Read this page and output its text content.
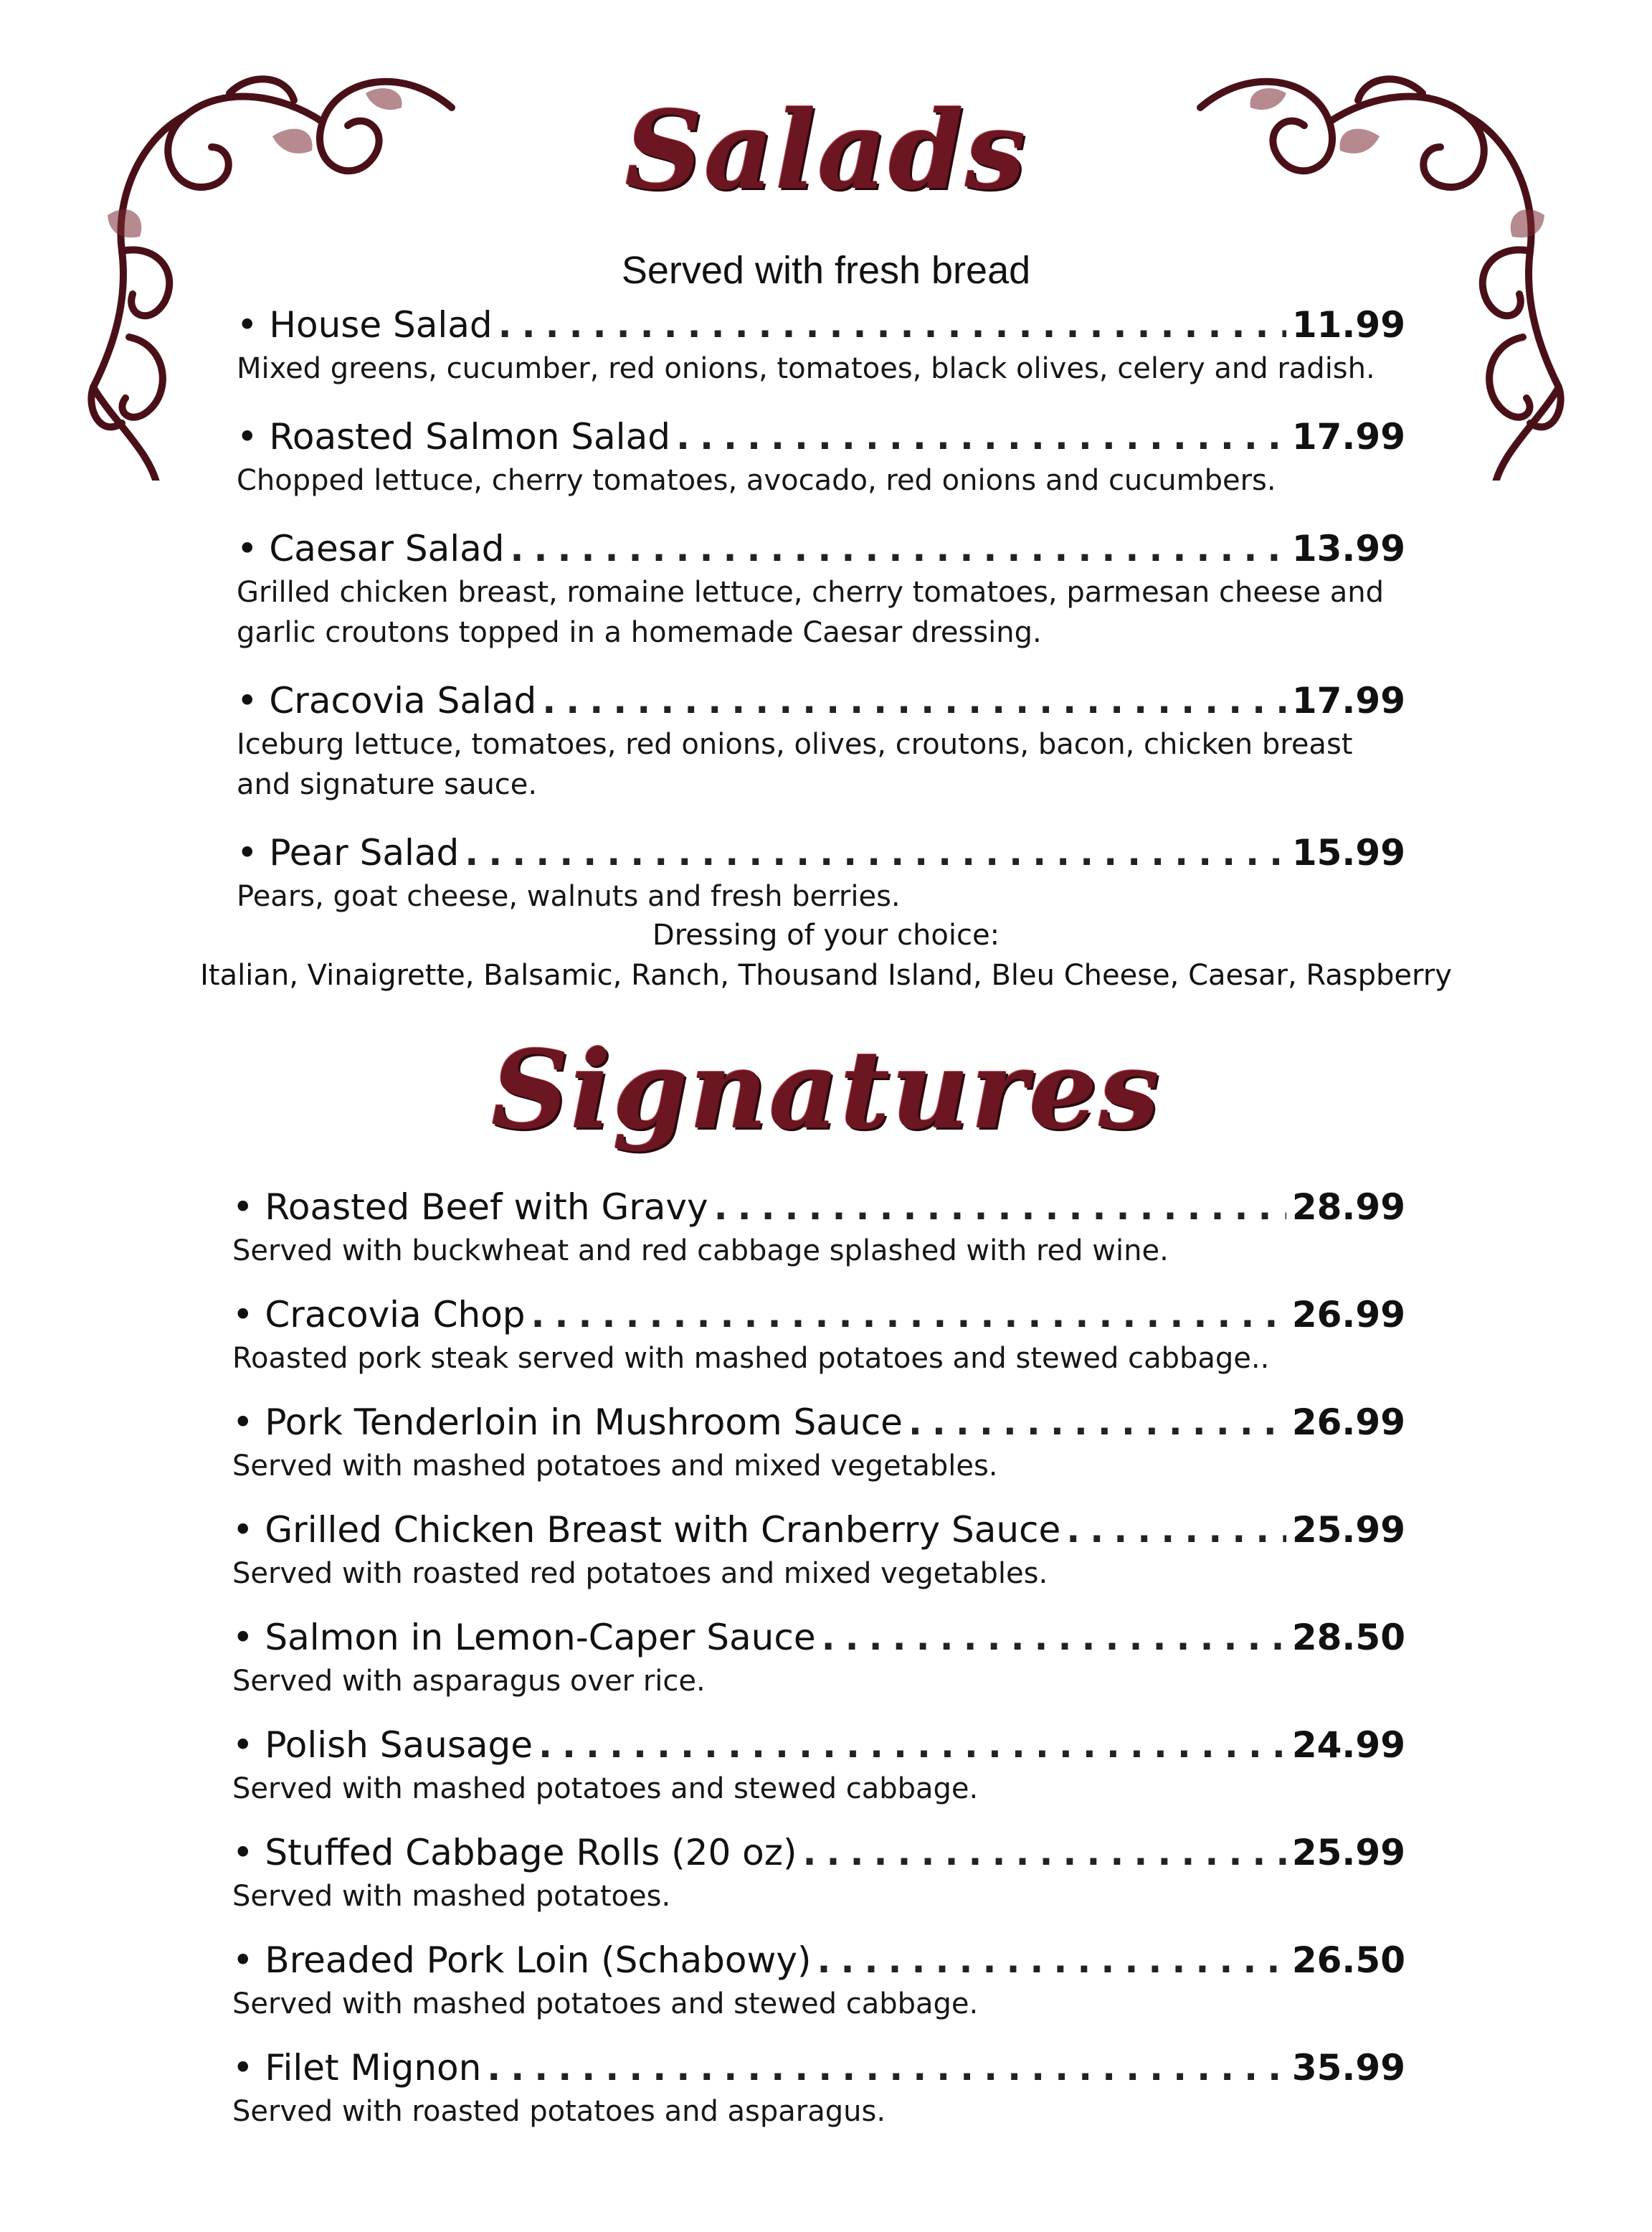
Salads
Served with fresh bread
• House Salad .....	11.99
Mixed greens, cucumber, red onions, tomatoes, black olives, celery and radish.
• Roasted Salmon Salad .....	17.99
Chopped lettuce, cherry tomatoes, avocado, red onions and cucumbers.
• Caesar Salad .....	13.99
Grilled chicken breast, romaine lettuce, cherry tomatoes, parmesan cheese and garlic croutons topped in a homemade Caesar dressing.
• Cracovia Salad .....	17.99
Iceburg lettuce, tomatoes, red onions, olives, croutons, bacon, chicken breast and signature sauce.
• Pear Salad .....	15.99
Pears, goat cheese, walnuts and fresh berries.
Dressing of your choice:
Italian, Vinaigrette, Balsamic, Ranch, Thousand Island, Bleu Cheese, Caesar, Raspberry
Signatures
• Roasted Beef with Gravy .....	28.99
Served with buckwheat and red cabbage splashed with red wine.
• Cracovia Chop .....	26.99
Roasted pork steak served with mashed potatoes and stewed cabbage..
• Pork Tenderloin in Mushroom Sauce .....	26.99
Served with mashed potatoes and mixed vegetables.
• Grilled Chicken Breast with Cranberry Sauce .....	25.99
Served with roasted red potatoes and mixed vegetables.
• Salmon in Lemon-Caper Sauce .....	28.50
Served with asparagus over rice.
• Polish Sausage .....	24.99
Served with mashed potatoes and stewed cabbage.
• Stuffed Cabbage Rolls (20 oz) .....	25.99
Served with mashed potatoes.
• Breaded Pork Loin (Schabowy) .....	26.50
Served with mashed potatoes and stewed cabbage.
• Filet Mignon .....	35.99
Served with roasted potatoes and asparagus.
